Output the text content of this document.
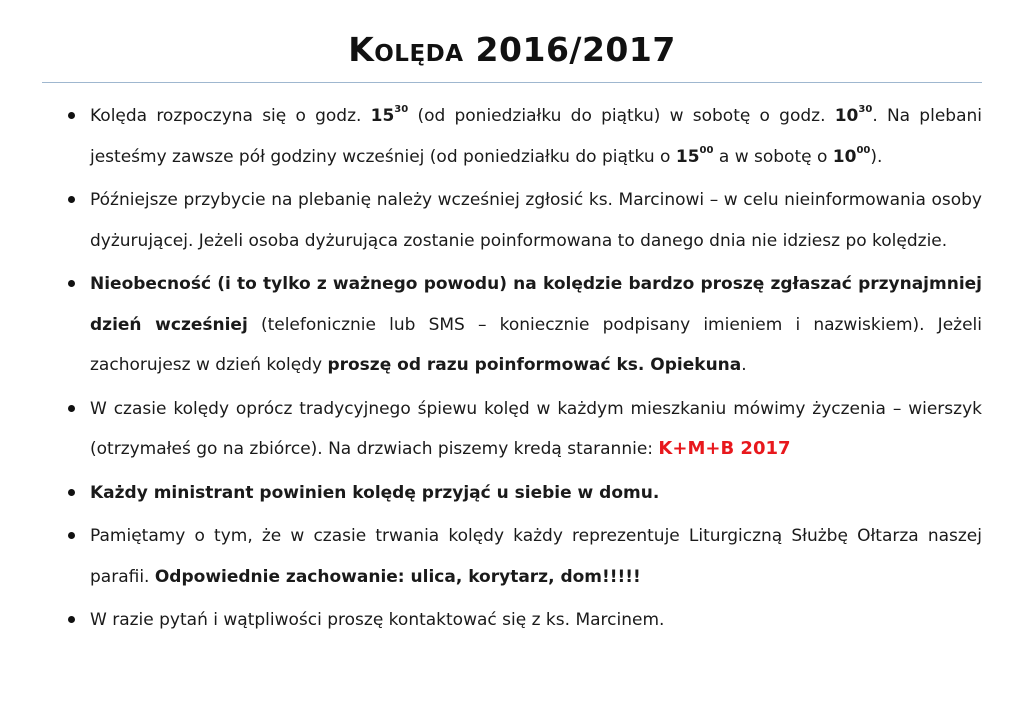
Kolęda 2016/2017
Kolęda rozpoczyna się o godz. $15^{30}$ (od poniedziałku do piątku) w sobotę o godz. $10^{30}$. Na plebani jesteśmy zawsze pół godziny wcześniej (od poniedziałku do piątku o $15^{00}$ a w sobotę o $10^{00}$).
Późniejsze przybycie na plebanię należy wcześniej zgłosić ks. Marcinowi – w celu nieinformowania osoby dyżurującej. Jeżeli osoba dyżurująca zostanie poinformowana to danego dnia nie idziesz po kolędzie.
Nieobecność (i to tylko z ważnego powodu) na kolędzie bardzo proszę zgłaszać przynajmniej dzień wcześniej (telefonicznie lub SMS – koniecznie podpisany imieniem i nazwiskiem). Jeżeli zachorujesz w dzień kolędy proszę od razu poinformować ks. Opiekuna.
W czasie kolędy oprócz tradycyjnego śpiewu kolęd w każdym mieszkaniu mówimy życzenia – wierszyk (otrzymałeś go na zbiórce). Na drzwiach piszemy kredą starannie: K+M+B 2017
Każdy ministrant powinien kolędę przyjąć u siebie w domu.
Pamiętamy o tym, że w czasie trwania kolędy każdy reprezentuje Liturgiczną Służbę Ołtarza naszej parafii. Odpowiednie zachowanie: ulica, korytarz, dom!!!!!
W razie pytań i wątpliwości proszę kontaktować się z ks. Marcinem.
